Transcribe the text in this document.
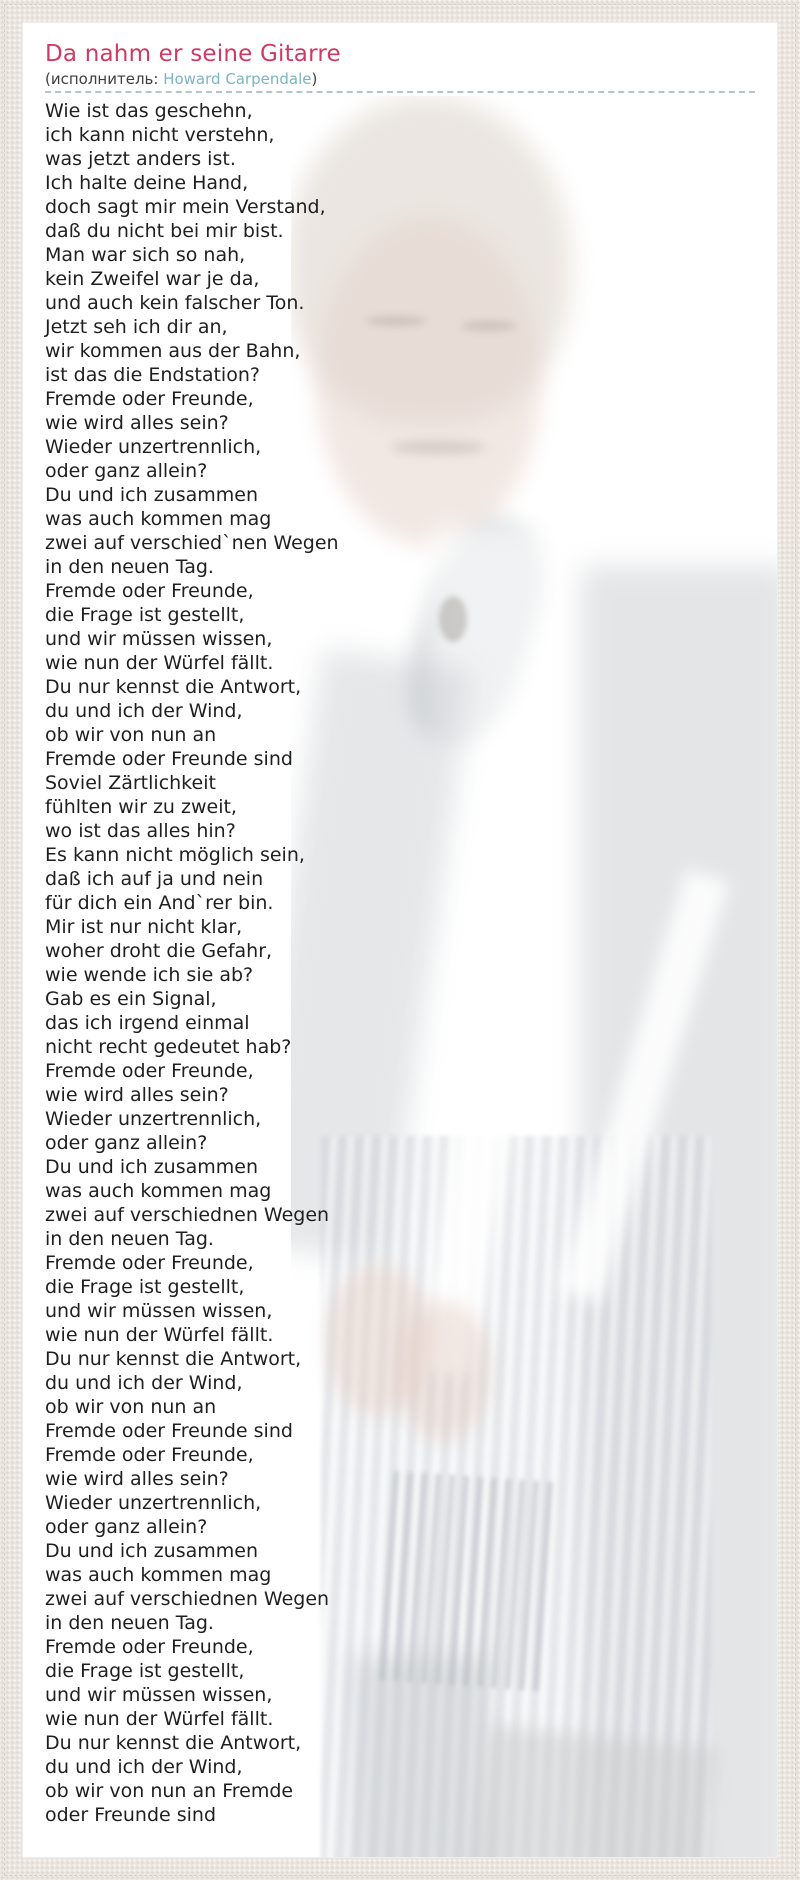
Da nahm er seine Gitarre
(исполнитель: Howard Carpendale)
Wie ist das geschehn,
ich kann nicht verstehn,
was jetzt anders ist.
Ich halte deine Hand,
doch sagt mir mein Verstand,
daß du nicht bei mir bist.
Man war sich so nah,
kein Zweifel war je da,
und auch kein falscher Ton.
Jetzt seh ich dir an,
wir kommen aus der Bahn,
ist das die Endstation?
Fremde oder Freunde,
wie wird alles sein?
Wieder unzertrennlich,
oder ganz allein?
Du und ich zusammen
was auch kommen mag
zwei auf verschied`nen Wegen
in den neuen Tag.
Fremde oder Freunde,
die Frage ist gestellt,
und wir müssen wissen,
wie nun der Würfel fällt.
Du nur kennst die Antwort,
du und ich der Wind,
ob wir von nun an
Fremde oder Freunde sind
Soviel Zärtlichkeit
fühlten wir zu zweit,
wo ist das alles hin?
Es kann nicht möglich sein,
daß ich auf ja und nein
für dich ein And`rer bin.
Mir ist nur nicht klar,
woher droht die Gefahr,
wie wende ich sie ab?
Gab es ein Signal,
das ich irgend einmal
nicht recht gedeutet hab?
Fremde oder Freunde,
wie wird alles sein?
Wieder unzertrennlich,
oder ganz allein?
Du und ich zusammen
was auch kommen mag
zwei auf verschiednen Wegen
in den neuen Tag.
Fremde oder Freunde,
die Frage ist gestellt,
und wir müssen wissen,
wie nun der Würfel fällt.
Du nur kennst die Antwort,
du und ich der Wind,
ob wir von nun an
Fremde oder Freunde sind
Fremde oder Freunde,
wie wird alles sein?
Wieder unzertrennlich,
oder ganz allein?
Du und ich zusammen
was auch kommen mag
zwei auf verschiednen Wegen
in den neuen Tag.
Fremde oder Freunde,
die Frage ist gestellt,
und wir müssen wissen,
wie nun der Würfel fällt.
Du nur kennst die Antwort,
du und ich der Wind,
ob wir von nun an Fremde
oder Freunde sind
